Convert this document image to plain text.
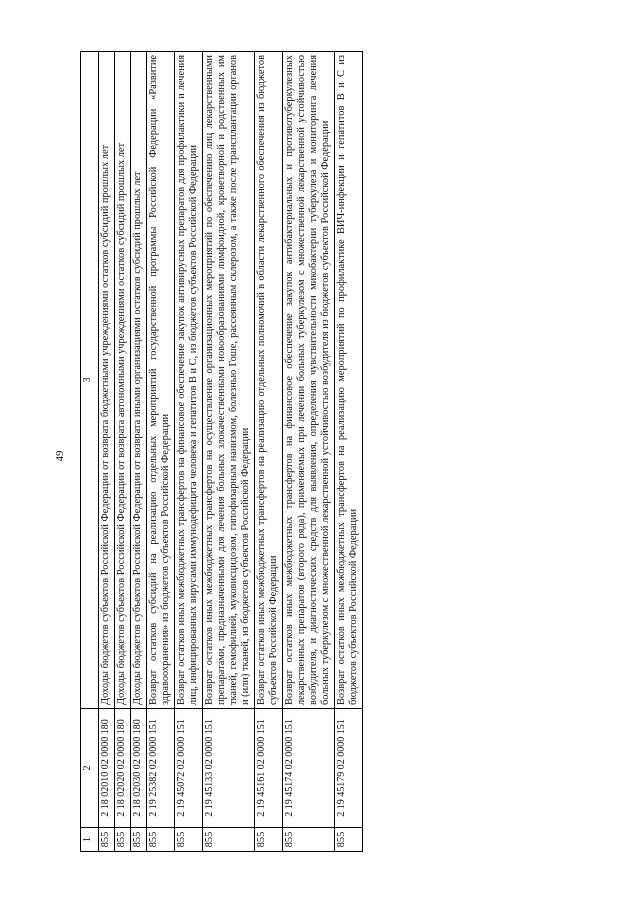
49
1	2	3
855	2 18 02010 02 0000 180	Доходы бюджетов субъектов Российской Федерации от возврата бюджетными учреждениями остатков субсидий прошлых лет
855	2 18 02020 02 0000 180	Доходы бюджетов субъектов Российской Федерации от возврата автономными учреждениями остатков субсидий прошлых лет
855	2 18 02030 02 0000 180	Доходы бюджетов субъектов Российской Федерации от возврата иными организациями остатков субсидий прошлых лет
855	2 19 25382 02 0000 151	Возврат остатков субсидий на реализацию отдельных мероприятий государственной программы Российской Федерации «Развитие здравоохранения» из бюджетов субъектов Российской Федерации
855	2 19 45072 02 0000 151	Возврат остатков иных межбюджетных трансфертов на финансовое обеспечение закупок антивирусных препаратов для профилактики и лечения лиц, инфицированных вирусами иммунодефицита человека и гепатитов B и C, из бюджетов субъектов Российской Федерации
855	2 19 45133 02 0000 151	Возврат остатков иных межбюджетных трансфертов на осуществление организационных мероприятий по обеспечению лиц лекарственными препаратами, предназначенными для лечения больных злокачественными новообразованиями лимфоидной, кроветворной и родственных им тканей, гемофилией, муковисцидозом, гипофизарным нанизмом, болезнью Гоше, рассеянным склерозом, а также после трансплантации органов и (или) тканей, из бюджетов субъектов Российской Федерации
855	2 19 45161 02 0000 151	Возврат остатков иных межбюджетных трансфертов на реализацию отдельных полномочий в области лекарственного обеспечения из бюджетов субъектов Российской Федерации
855	2 19 45174 02 0000 151	Возврат остатков иных межбюджетных трансфертов на финансовое обеспечение закупок антибактериальных и противотуберкулезных лекарственных препаратов (второго ряда), применяемых при лечении больных туберкулезом с множественной лекарственной устойчивостью возбудителя, и диагностических средств для выявления, определения чувствительности микобактерии туберкулеза и мониторинга лечения больных туберкулезом с множественной лекарственной устойчивостью возбудителя из бюджетов субъектов Российской Федерации
855	2 19 45179 02 0000 151	Возврат остатков иных межбюджетных трансфертов на реализацию мероприятий по профилактике ВИЧ-инфекции и гепатитов B и C из бюджетов субъектов Российской Федерации
